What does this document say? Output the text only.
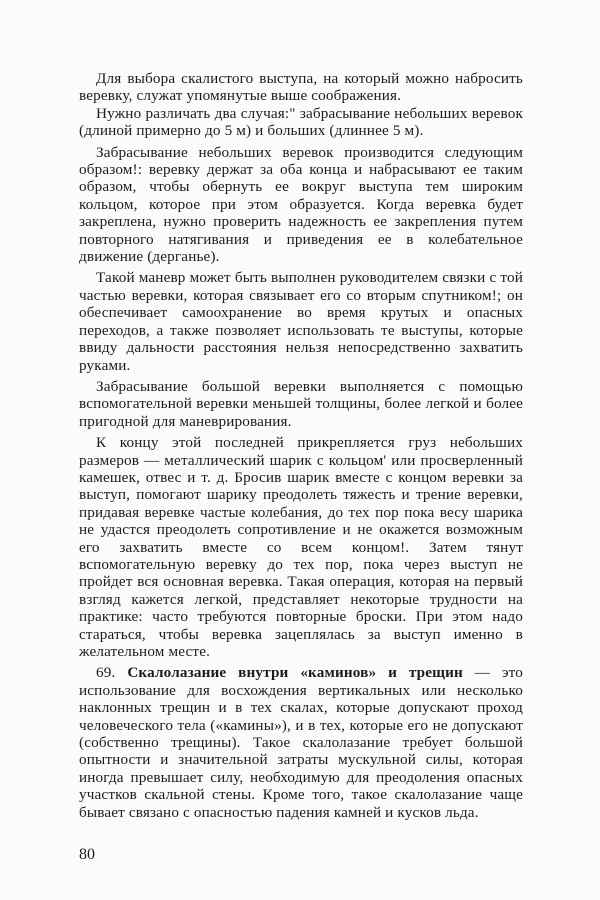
Для выбора скалистого выступа, на который можно набросить веревку, служат упомянутые выше соображения.

Нужно различать два случая:" забрасывание небольших веревок (длиной примерно до 5 м) и больших (длиннее 5 м).

Забрасывание небольших веревок производится следующим образом!: веревку держат за оба конца и набрасывают ее таким образом, чтобы обернуть ее вокруг выступа тем широким кольцом, которое при этом образуется. Когда веревка будет закреплена, нужно проверить надежность ее закрепления путем повторного натягивания и приведения ее в колебательное движение (дерганье).

Такой маневр может быть выполнен руководителем связки с той частью веревки, которая связывает его со вторым спутником!; он обеспечивает самоохранение во время крутых и опасных переходов, а также позволяет использовать те выступы, которые ввиду дальности расстояния нельзя непосредственно захватить руками.

Забрасывание большой веревки выполняется с помощью вспомогательной веревки меньшей толщины, более легкой и более пригодной для маневрирования.

К концу этой последней прикрепляется груз небольших размеров — металлический шарик с кольцом' или просверленный камешек, отвес и т. д. Бросив шарик вместе с концом веревки за выступ, помогают шарику преодолеть тяжесть и трение веревки, придавая веревке частые колебания, до тех пор пока весу шарика не удастся преодолеть сопротивление и не окажется возможным его захватить вместе со всем концом!. Затем тянут вспомогательную веревку до тех пор, пока через выступ не пройдет вся основная веревка. Такая операция, которая на первый взгляд кажется легкой, представляет некоторые трудности на практике: часто требуются повторные броски. При этом надо стараться, чтобы веревка зацеплялась за выступ именно в желательном месте.

69. Скалолазание внутри «каминов» и трещин — это использование для восхождения вертикальных или несколько наклонных трещин и в тех скалах, которые допускают проход человеческого тела («камины»), и в тех, которые его не допускают (собственно трещины). Такое скалолазание требует большой опытности и значительной затраты мускульной силы, которая иногда превышает силу, необходимую для преодоления опасных участков скальной стены. Кроме того, такое скалолазание чаще бывает связано с опасностью падения камней и кусков льда.

80
